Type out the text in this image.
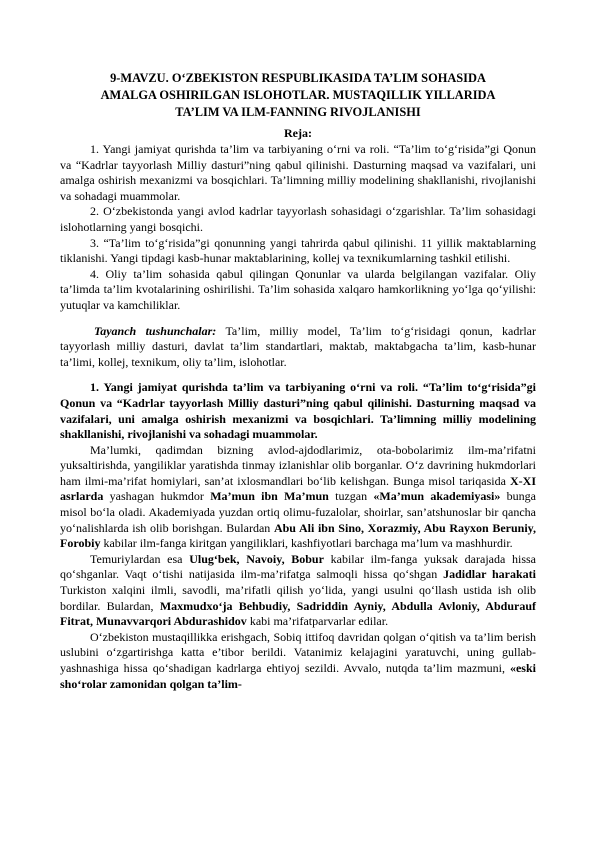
9-MAVZU. O‘ZBEKISTON RESPUBLIKASIDA TA’LIM SOHASIDA
AMALGA OSHIRILGAN ISLOHOTLAR. MUSTAQILLIK YILLARIDA
TA’LIM VA ILM-FANNING RIVOJLANISHI
Reja:

1. Yangi jamiyat qurishda ta’lim va tarbiyaning o‘rni va roli. “Ta’lim to‘g‘risida”gi Qonun va “Kadrlar tayyorlash Milliy dasturi”ning qabul qilinishi. Dasturning maqsad va vazifalari, uni amalga oshirish mexanizmi va bosqichlari. Ta’limning milliy modelining shakllanishi, rivojlanishi va sohadagi muammolar.

2. O‘zbekistonda yangi avlod kadrlar tayyorlash sohasidagi o‘zgarishlar. Ta’lim sohasidagi islohotlarning yangi bosqichi.

3. “Ta’lim to‘g‘risida”gi qonunning yangi tahrirda qabul qilinishi. 11 yillik maktablarning tiklanishi. Yangi tipdagi kasb-hunar maktablarining, kollej va texnikumlarning tashkil etilishi.

4. Oliy ta’lim sohasida qabul qilingan Qonunlar va ularda belgilangan vazifalar. Oliy ta’limda ta’lim kvotalarining oshirilishi. Ta’lim sohasida xalqaro hamkorlikning yo‘lga qo‘yilishi: yutuqlar va kamchiliklar.

Tayanch tushunchalar: Ta’lim, milliy model, Ta’lim to‘g‘risidagi qonun, kadrlar tayyorlash milliy dasturi, davlat ta’lim standartlari, maktab, maktabgacha ta’lim, kasb-hunar ta’limi, kollej, texnikum, oliy ta’lim, islohotlar.

1. Yangi jamiyat qurishda ta’lim va tarbiyaning o‘rni va roli. “Ta’lim to‘g‘risida”gi Qonun va “Kadrlar tayyorlash Milliy dasturi”ning qabul qilinishi. Dasturning maqsad va vazifalari, uni amalga oshirish mexanizmi va bosqichlari. Ta’limning milliy modelining shakllanishi, rivojlanishi va sohadagi muammolar.

Ma’lumki, qadimdan bizning avlod-ajdodlarimiz, ota-bobolarimiz ilm-ma’rifatni yuksaltirishda, yangiliklar yaratishda tinmay izlanishlar olib borganlar. O‘z davrining hukmdorlari ham ilmi-ma’rifat homiylari, san’at ixlosmandlari bo‘lib kelishgan. Bunga misol tariqasida X-XI asrlarda yashagan hukmdor Ma’mun ibn Ma’mun tuzgan «Ma’mun akademiyasi» bunga misol bo‘la oladi. Akademiyada yuzdan ortiq olimu-fuzalolar, shoirlar, san’atshunoslar bir qancha yo‘nalishlarda ish olib borishgan. Bulardan Abu Ali ibn Sino, Xorazmiy, Abu Rayxon Beruniy, Forobiy kabilar ilm-fanga kiritgan yangiliklari, kashfiyotlari barchaga ma’lum va mashhurdir.

Temuriylardan esa Ulug‘bek, Navoiy, Bobur kabilar ilm-fanga yuksak darajada hissa qo‘shganlar. Vaqt o‘tishi natijasida ilm-ma’rifatga salmoqli hissa qo‘shgan Jadidlar harakati Turkiston xalqini ilmli, savodli, ma’rifatli qilish yo‘lida, yangi usulni qo‘llash ustida ish olib bordilar. Bulardan, Maxmudxo‘ja Behbudiy, Sadriddin Ayniy, Abdulla Avloniy, Abdurauf Fitrat, Munavvarqori Abdurashidov kabi ma’rifatparvarlar edilar.

O‘zbekiston mustaqillikka erishgach, Sobiq ittifoq davridan qolgan o‘qitish va ta’lim berish uslubini o‘zgartirishga katta e’tibor berildi. Vatanimiz kelajagini yaratuvchi, uning gullab-yashnashiga hissa qo‘shadigan kadrlarga ehtiyoj sezildi. Avvalo, nutqda ta’lim mazmuni, «eski sho‘rolar zamonidan qolgan ta’lim-
